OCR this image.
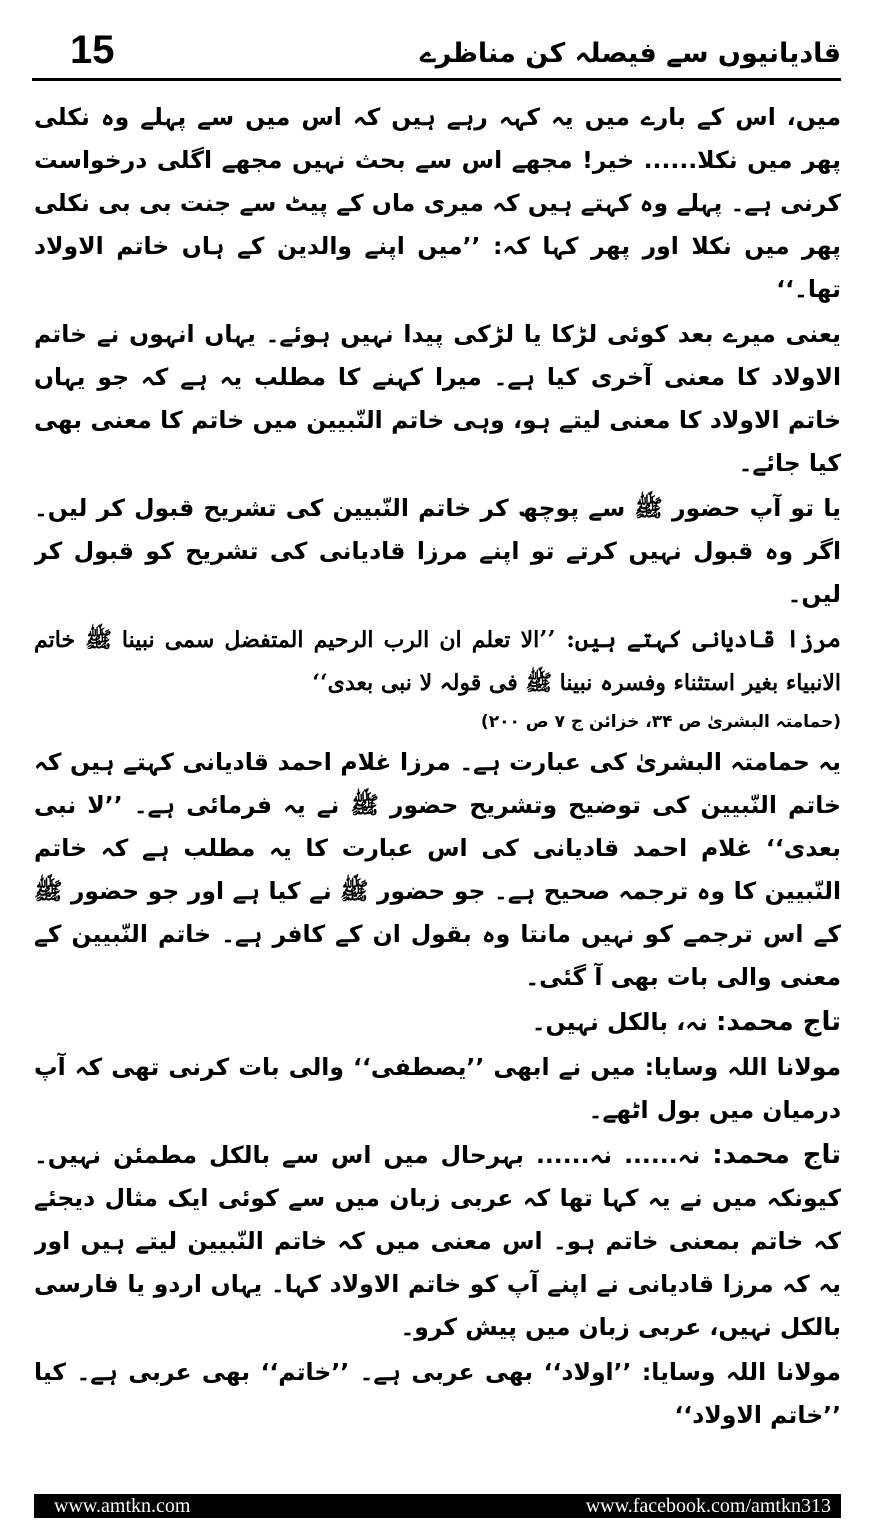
15	قادیانیوں سے فیصلہ کن مناظرے

میں، اس کے بارے میں یہ کہہ رہے ہیں کہ اس میں سے پہلے وہ نکلی پھر میں نکلا...... خیر! مجھے اس سے بحث نہیں مجھے اگلی درخواست کرنی ہے۔ پہلے وہ کہتے ہیں کہ میری ماں کے پیٹ سے جنت بی بی نکلی پھر میں نکلا اور پھر کہا کہ: ’’میں اپنے والدین کے ہاں خاتم الاولاد تھا۔‘‘

یعنی میرے بعد کوئی لڑکا یا لڑکی پیدا نہیں ہوئے۔ یہاں انہوں نے خاتم الاولاد کا معنی آخری کیا ہے۔ میرا کہنے کا مطلب یہ ہے کہ جو یہاں خاتم الاولاد کا معنی لیتے ہو، وہی خاتم النّبیین میں خاتم کا معنی بھی کیا جائے۔

یا تو آپ حضور ﷺ سے پوچھ کر خاتم النّبیین کی تشریح قبول کر لیں۔ اگر وہ قبول نہیں کرتے تو اپنے مرزا قادیانی کی تشریح کو قبول کر لیں۔

مرزا قادیانی کہتے ہیں: ’’الا تعلم ان الرب الرحیم المتفضل سمی نبینا ﷺ خاتم الانبیاء بغیر استثناء وفسرہ نبینا ﷺ فی قولہ لا نبی بعدی‘‘

(حمامتہ البشریٰ ص ۳۴، خزائن ج ۷ ص ۲۰۰)

یہ حمامتہ البشریٰ کی عبارت ہے۔ مرزا غلام احمد قادیانی کہتے ہیں کہ خاتم النّبیین کی توضیح وتشریح حضور ﷺ نے یہ فرمائی ہے۔ ’’لا نبی بعدی‘‘ غلام احمد قادیانی کی اس عبارت کا یہ مطلب ہے کہ خاتم النّبیین کا وہ ترجمہ صحیح ہے۔ جو حضور ﷺ نے کیا ہے اور جو حضور ﷺ کے اس ترجمے کو نہیں مانتا وہ بقول ان کے کافر ہے۔ خاتم النّبیین کے معنی والی بات بھی آ گئی۔

تاج محمد: نہ، بالکل نہیں۔

مولانا اللہ وسایا: میں نے ابھی ’’یصطفی‘‘ والی بات کرنی تھی کہ آپ درمیان میں بول اٹھے۔

تاج محمد: نہ...... نہ...... بہرحال میں اس سے بالکل مطمئن نہیں۔ کیونکہ میں نے یہ کہا تھا کہ عربی زبان میں سے کوئی ایک مثال دیجئے کہ خاتم بمعنی خاتم ہو۔ اس معنی میں کہ خاتم النّبیین لیتے ہیں اور یہ کہ مرزا قادیانی نے اپنے آپ کو خاتم الاولاد کہا۔ یہاں اردو یا فارسی بالکل نہیں، عربی زبان میں پیش کرو۔

مولانا اللہ وسایا: ’’اولاد‘‘ بھی عربی ہے۔ ’’خاتم‘‘ بھی عربی ہے۔ کیا ’’خاتم الاولاد‘‘

www.amtkn.com	www.facebook.com/amtkn313
